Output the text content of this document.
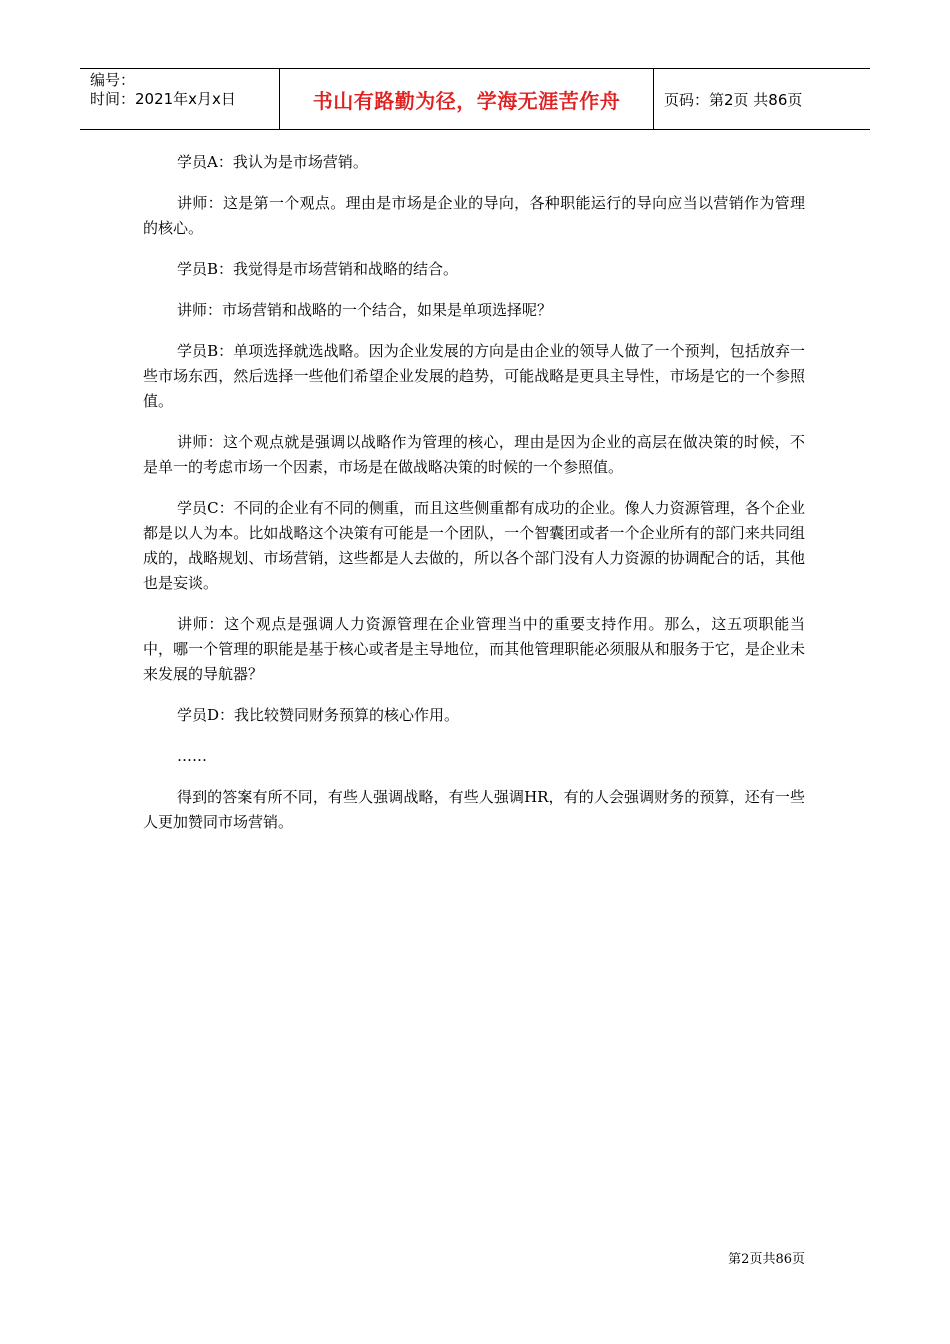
编号：
时间：2021年x月x日	书山有路勤为径，学海无涯苦作舟	页码：第2页 共86页

学员A：我认为是市场营销。

讲师：这是第一个观点。理由是市场是企业的导向，各种职能运行的导向应当以营销作为管理的核心。

学员B：我觉得是市场营销和战略的结合。

讲师：市场营销和战略的一个结合，如果是单项选择呢？

学员B：单项选择就选战略。因为企业发展的方向是由企业的领导人做了一个预判，包括放弃一些市场东西，然后选择一些他们希望企业发展的趋势，可能战略是更具主导性，市场是它的一个参照值。

讲师：这个观点就是强调以战略作为管理的核心，理由是因为企业的高层在做决策的时候，不是单一的考虑市场一个因素，市场是在做战略决策的时候的一个参照值。

学员C：不同的企业有不同的侧重，而且这些侧重都有成功的企业。像人力资源管理，各个企业都是以人为本。比如战略这个决策有可能是一个团队，一个智囊团或者一个企业所有的部门来共同组成的，战略规划、市场营销，这些都是人去做的，所以各个部门没有人力资源的协调配合的话，其他也是妄谈。

讲师：这个观点是强调人力资源管理在企业管理当中的重要支持作用。那么，这五项职能当中，哪一个管理的职能是基于核心或者是主导地位，而其他管理职能必须服从和服务于它，是企业未来发展的导航器？

学员D：我比较赞同财务预算的核心作用。

……

得到的答案有所不同，有些人强调战略，有些人强调HR，有的人会强调财务的预算，还有一些人更加赞同市场营销。

第2页共86页
